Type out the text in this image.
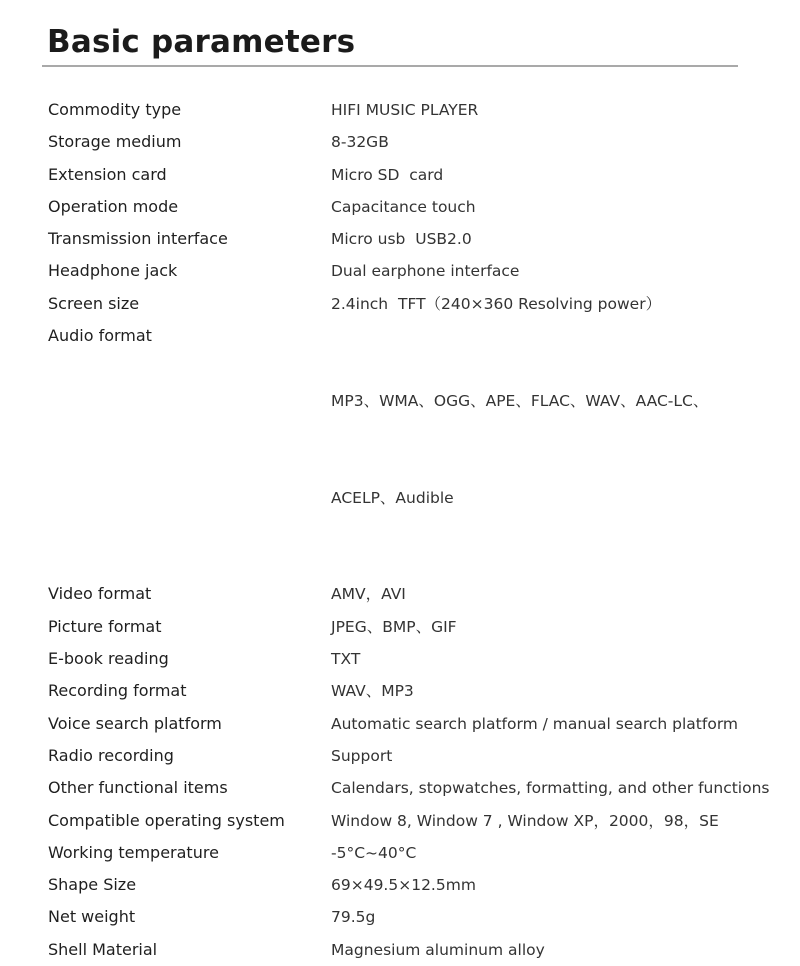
Basic parameters
Commodity type	HIFI MUSIC PLAYER
Storage medium	8-32GB
Extension card	Micro SD  card
Operation mode	Capacitance touch
Transmission interface	Micro usb  USB2.0
Headphone jack	Dual earphone interface
Screen size	2.4inch  TFT（240×360 Resolving power）
Audio format

MP3、WMA、OGG、APE、FLAC、WAV、AAC-LC、

ACELP、Audible

Video format	AMV，AVI
Picture format	JPEG、BMP、GIF
E-book reading	TXT
Recording format	WAV、MP3
Voice search platform	Automatic search platform / manual search platform
Radio recording	Support
Other functional items	Calendars, stopwatches, formatting, and other functions
Compatible operating system	Window 8, Window 7 , Window XP，2000，98，SE
Working temperature	-5°C~40°C
Shape Size	69×49.5×12.5mm
Net weight	79.5g
Shell Material	Magnesium aluminum alloy
